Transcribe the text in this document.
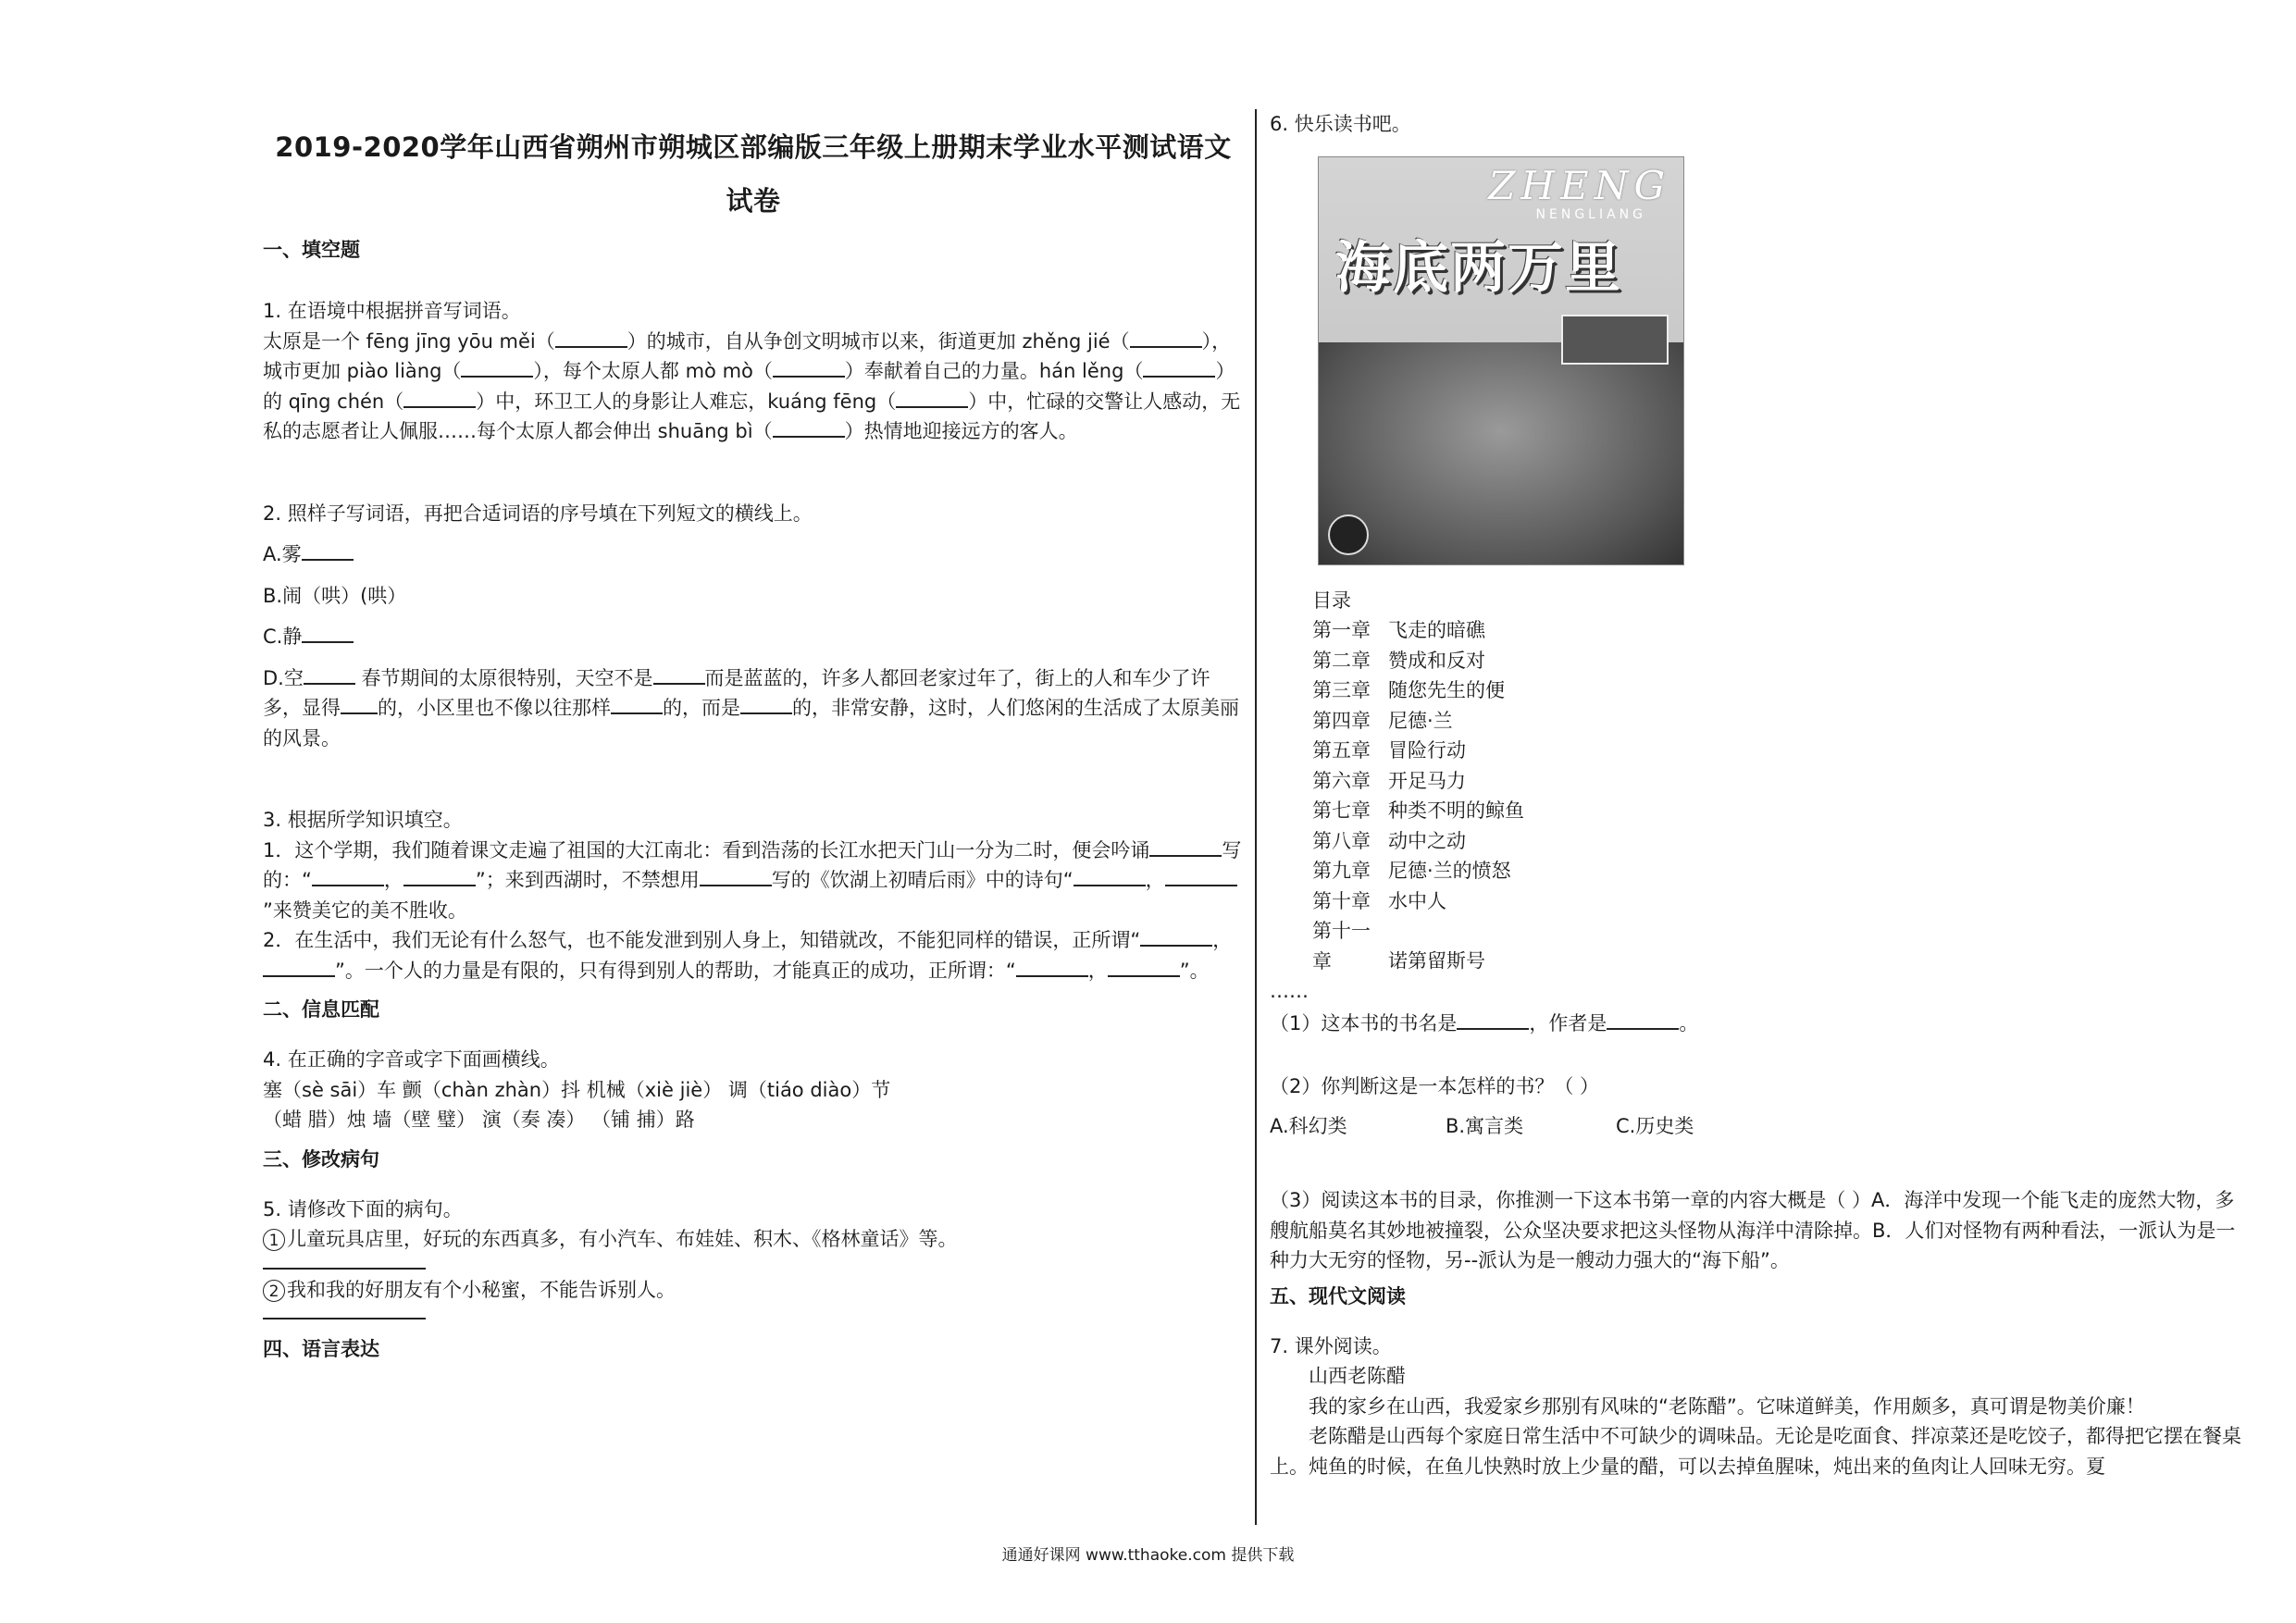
2019-2020学年山西省朔州市朔城区部编版三年级上册期末学业水平测试语文试卷
一、填空题
1. 在语境中根据拼音写词语。
太原是一个 fēng jīng yōu měi（	）的城市，自从争创文明城市以来，街道更加 zhěng jié（	），城市更加 piào liàng（	），每个太原人都 mò mò（	）奉献着自己的力量。hán lěng（	）的 qīng chén（	）中，环卫工人的身影让人难忘，kuáng fēng（	）中，忙碌的交警让人感动，无私的志愿者让人佩服……每个太原人都会伸出 shuāng bì（	）热情地迎接远方的客人。
2. 照样子写词语，再把合适词语的序号填在下列短文的横线上。
A.雾
B.闹（哄）(哄）
C.静
D.空	春节期间的太原很特别，天空不是	而是蓝蓝的，许多人都回老家过年了，街上的人和车少了许多，显得 的，小区里也不像以往那样	的，而是	的，非常安静，这时，人们悠闲的生活成了太原美丽的风景。
3. 根据所学知识填空。
1．这个学期，我们随着课文走遍了祖国的大江南北：看到浩荡的长江水把天门山一分为二时，便会吟诵	写的：“	，	”；来到西湖时，不禁想用	写的《饮湖上初晴后雨》中的诗句“	，”来赞美它的美不胜收。
2．在生活中，我们无论有什么怒气，也不能发泄到别人身上，知错就改，不能犯同样的错误，正所谓“	，”。一个人的力量是有限的，只有得到别人的帮助，才能真正的成功，正所谓：“	，	”。
二、信息匹配
4. 在正确的字音或字下面画横线。
塞（sè sāi）车 颤（chàn zhàn）抖 机械（xiè jiè） 调（tiáo diào）节
（蜡 腊）烛 墙（壁 璧） 演（奏 凑） （铺 捕）路
三、修改病句
5. 请修改下面的病句。
1 儿童玩具店里，好玩的东西真多，有小汽车、布娃娃、积木、《格林童话》等。
2 我和我的好朋友有个小秘蜜，不能告诉别人。
四、语言表达
6. 快乐读书吧。
ZHENG
NENGLIANG
海底两万里
目录
第一章 飞走的暗礁
第二章 赞成和反对
第三章 随您先生的便
第四章 尼德·兰
第五章 冒险行动
第六章 开足马力
第七章 种类不明的鲸鱼
第八章 动中之动
第九章 尼德·兰的愤怒
第十章 水中人
第十一章	诺第留斯号
……
（1）这本书的书名是	，作者是	。
（2）你判断这是一本怎样的书？（ ）
A.科幻类	B.寓言类	C.历史类
（3）阅读这本书的目录，你推测一下这本书第一章的内容大概是（ ）A．海洋中发现一个能飞走的庞然大物，多艘航船莫名其妙地被撞裂，公众坚决要求把这头怪物从海洋中清除掉。B．人们对怪物有两种看法，一派认为是一种力大无穷的怪物，另--派认为是一艘动力强大的“海下船”。
五、现代文阅读
7. 课外阅读。
山西老陈醋
我的家乡在山西，我爱家乡那别有风味的“老陈醋”。它味道鲜美，作用颇多，真可谓是物美价廉！
老陈醋是山西每个家庭日常生活中不可缺少的调味品。无论是吃面食、拌凉菜还是吃饺子，都得把它摆在餐桌上。炖鱼的时候，在鱼儿快熟时放上少量的醋，可以去掉鱼腥味，炖出来的鱼肉让人回味无穷。夏
通通好课网 www.tthaoke.com 提供下载
